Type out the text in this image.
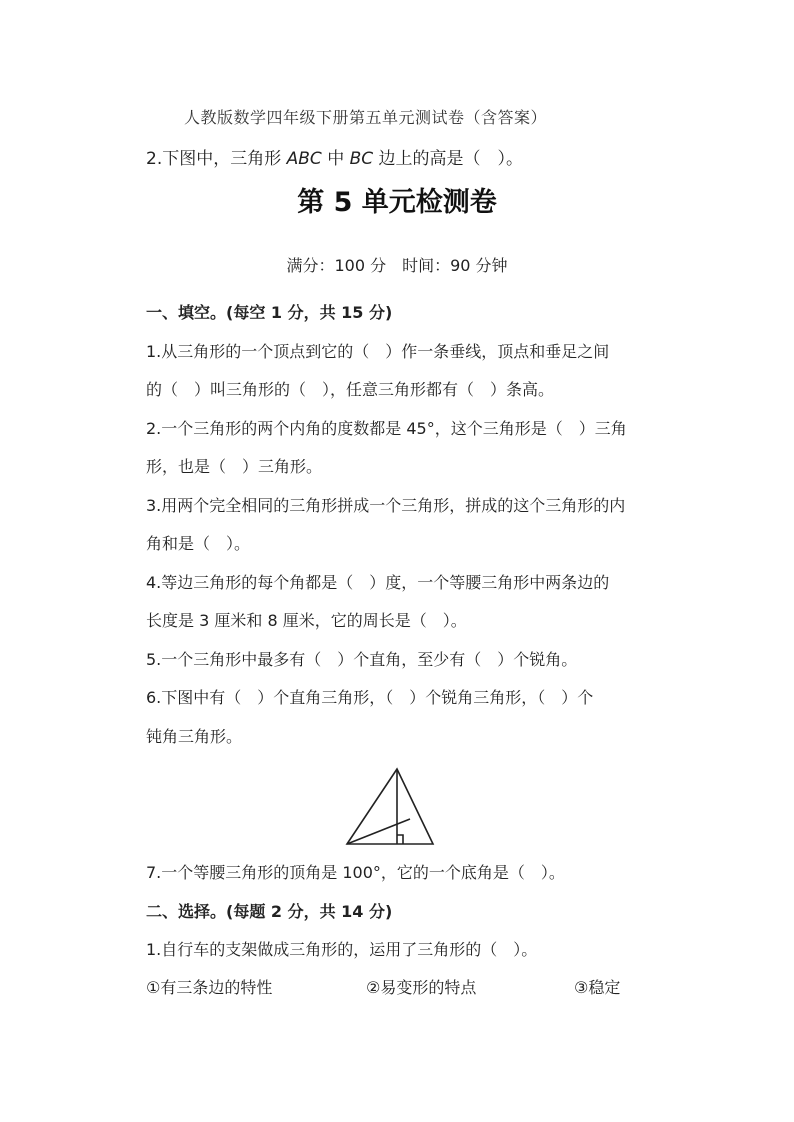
人教版数学四年级下册第五单元测试卷（含答案）
2.下图中，三角形 ABC 中 BC 边上的高是（　）。
第 5 单元检测卷
满分：100 分　时间：90 分钟
一、填空。(每空 1 分，共 15 分)
1.从三角形的一个顶点到它的（　）作一条垂线，顶点和垂足之间
的（　）叫三角形的（　），任意三角形都有（　）条高。
2.一个三角形的两个内角的度数都是 45°，这个三角形是（　）三角
形，也是（　）三角形。
3.用两个完全相同的三角形拼成一个三角形，拼成的这个三角形的内
角和是（　）。
4.等边三角形的每个角都是（　）度，一个等腰三角形中两条边的
长度是 3 厘米和 8 厘米，它的周长是（　）。
5.一个三角形中最多有（　）个直角，至少有（　）个锐角。
6.下图中有（　）个直角三角形，（　）个锐角三角形，（　）个
钝角三角形。
7.一个等腰三角形的顶角是 100°，它的一个底角是（　）。
二、选择。(每题 2 分，共 14 分)
1.自行车的支架做成三角形的，运用了三角形的（　）。
①有三条边的特性	②易变形的特点	③稳定
